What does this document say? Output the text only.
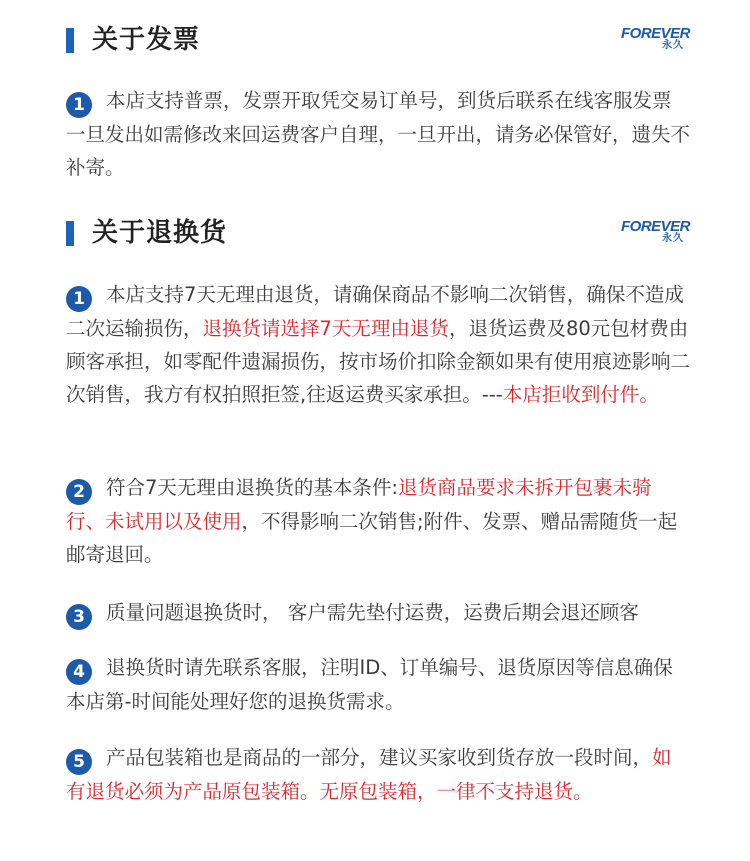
关于发票	FOREVER
永久
1 本店支持普票，发票开取凭交易订单号，到货后联系在线客服发票一旦发出如需修改来回运费客户自理，一旦开出，请务必保管好，遗失不补寄。
关于退换货	FOREVER
永久
1 本店支持7天无理由退货，请确保商品不影响二次销售，确保不造成二次运输损伤，退换货请选择7天无理由退货，退货运费及80元包材费由顾客承担，如零配件遗漏损伤，按市场价扣除金额如果有使用痕迹影响二次销售，我方有权拍照拒签,往返运费买家承担。---本店拒收到付件。
2 符合7天无理由退换货的基本条件:退货商品要求未拆开包裹未骑行、未试用以及使用，不得影响二次销售;附件、发票、赠品需随货一起邮寄退回。
3 质量问题退换货时， 客户需先垫付运费，运费后期会退还顾客
4 退换货时请先联系客服，注明ID、订单编号、退货原因等信息确保本店第-时间能处理好您的退换货需求。
5 产品包装箱也是商品的一部分，建议买家收到货存放一段时间，如有退货必须为产品原包装箱。无原包装箱，一律不支持退货。
